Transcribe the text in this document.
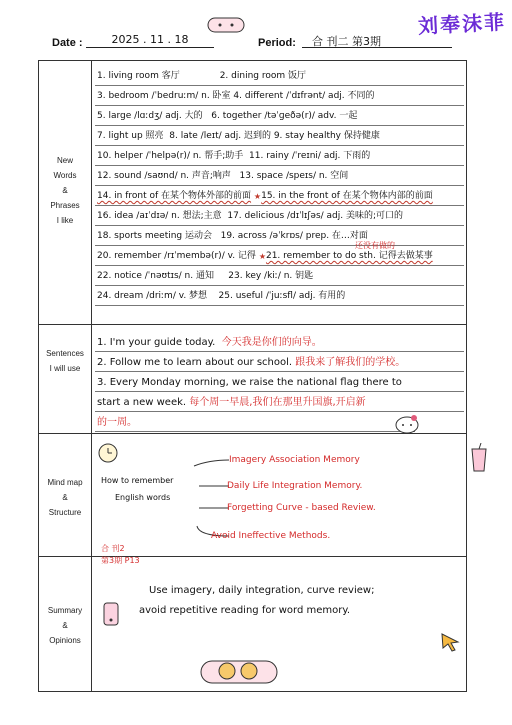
刘奉沫菲
Date :	2025 . 11 . 18	Period:	合 刊二 第3期
New
Words
&
Phrases
I like
Sentences
I will use
Mind map
&
Structure
Summary
&
Opinions
1. living room 客厅	2. dining room 饭厅
3. bedroom /ˈbedruːm/ n. 卧室 4. different /ˈdɪfrənt/ adj. 不同的
5. large /lɑːdʒ/ adj. 大的 6. together /təˈɡeðə(r)/ adv. 一起
7. light up 照亮 8. late /leɪt/ adj. 迟到的 9. stay healthy 保持健康
10. helper /ˈhelpə(r)/ n. 帮手;助手 11. rainy /ˈreɪni/ adj. 下雨的
12. sound /saʊnd/ n. 声音;响声 13. space /speɪs/ n. 空间
14. in front of 在某个物体外部的前面 ★15. in the front of 在某个物体内部的前面
16. idea /aɪˈdɪə/ n. 想法;主意 17. delicious /dɪˈlɪʃəs/ adj. 美味的;可口的
18. sports meeting 运动会 19. across /əˈkrɒs/ prep. 在…对面
20. remember /rɪˈmembə(r)/ v. 记得 ★21. remember to do sth. 记得去做某事
还没有做的
22. notice /ˈnəʊtɪs/ n. 通知 23. key /kiː/ n. 钥匙
24. dream /driːm/ v. 梦想 25. useful /ˈjuːsfl/ adj. 有用的
1. I'm your guide today. 今天我是你们的向导。
2. Follow me to learn about our school. 跟我来了解我们的学校。
3. Every Monday morning, we raise the national flag there to
start a new week. 每个周一早晨,我们在那里升国旗,开启新
的一周。
How to remember
English words
Imagery Association Memory
Daily Life Integration Memory.
Forgetting Curve - based Review.
Avoid Ineffective Methods.
合 刊2
第3期 P13
Use imagery, daily integration, curve review;
avoid repetitive reading for word memory.
